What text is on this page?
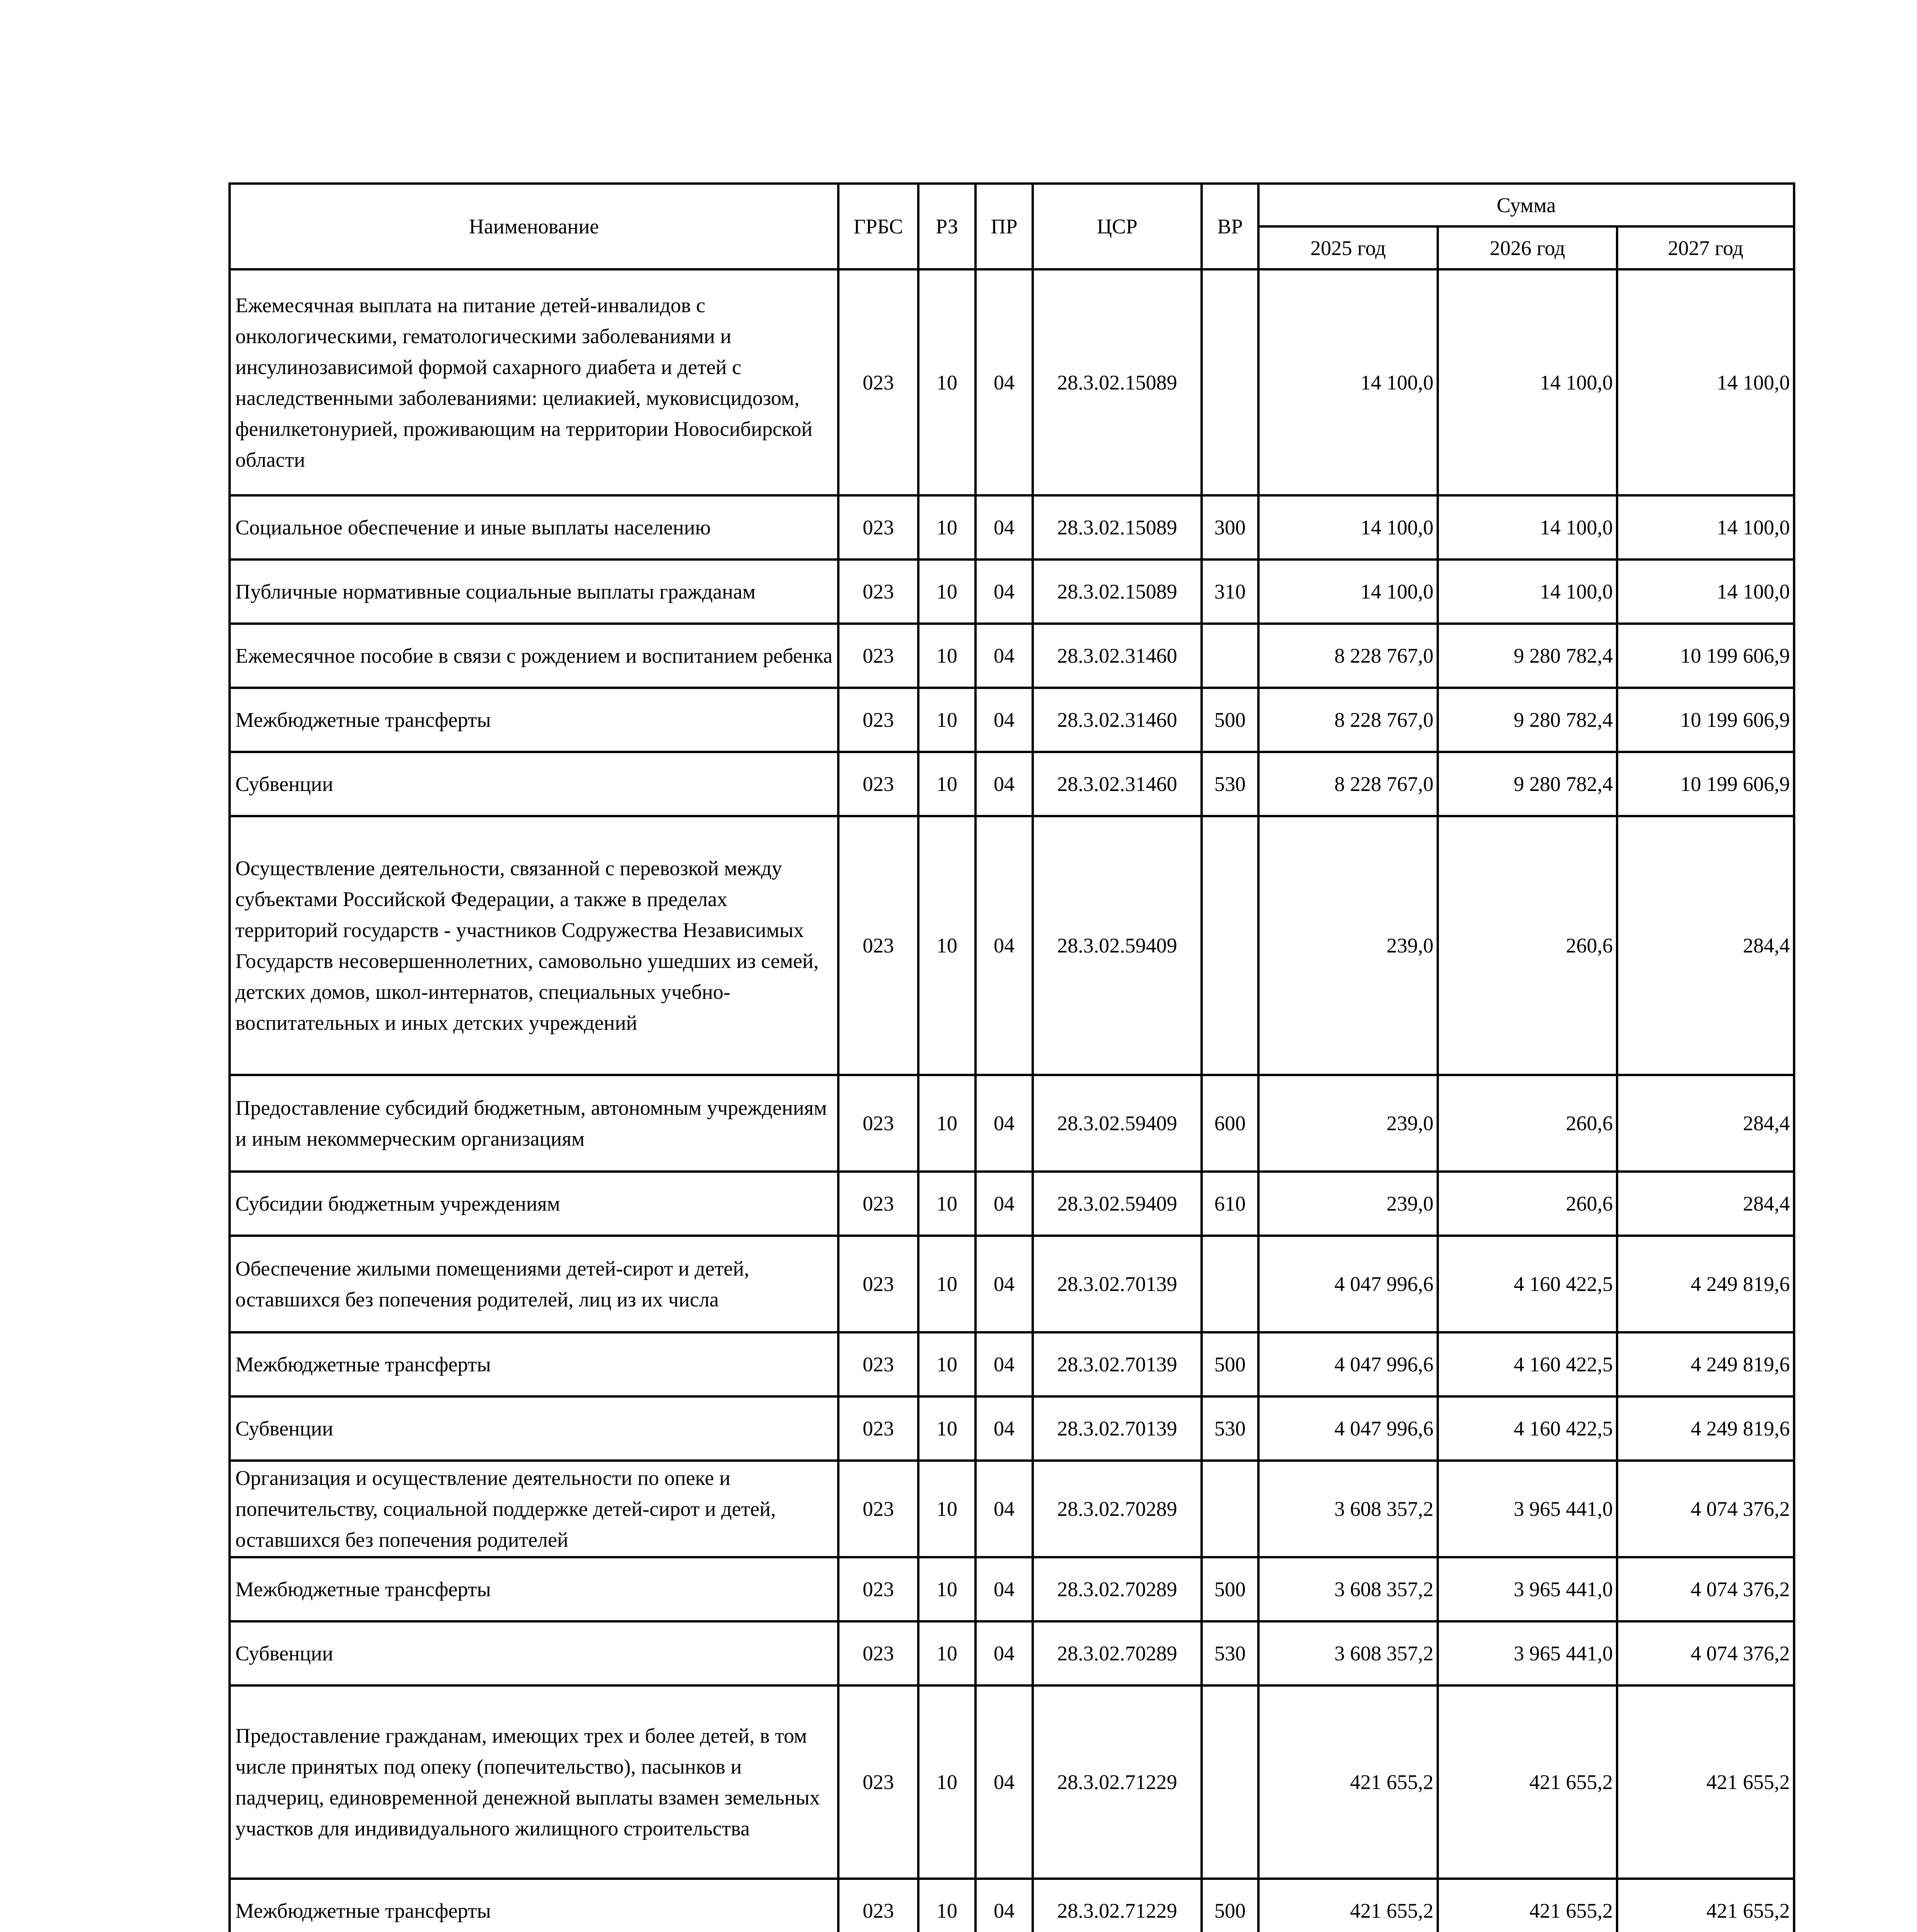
Наименование	ГРБС	РЗ	ПР	ЦСР	ВР	Сумма		
						2025 год	2026 год	2027 год
Ежемесячная выплата на питание детей-инвалидов с онкологическими, гематологическими заболеваниями и инсулинозависимой формой сахарного диабета и детей с наследственными заболеваниями: целиакией, муковисцидозом, фенилкетонурией, проживающим на территории Новосибирской области	023	10	04	28.3.02.15089		14 100,0	14 100,0	14 100,0
Социальное обеспечение и иные выплаты населению	023	10	04	28.3.02.15089	300	14 100,0	14 100,0	14 100,0
Публичные нормативные социальные выплаты гражданам	023	10	04	28.3.02.15089	310	14 100,0	14 100,0	14 100,0
Ежемесячное пособие в связи с рождением и воспитанием ребенка	023	10	04	28.3.02.31460		8 228 767,0	9 280 782,4	10 199 606,9
Межбюджетные трансферты	023	10	04	28.3.02.31460	500	8 228 767,0	9 280 782,4	10 199 606,9
Субвенции	023	10	04	28.3.02.31460	530	8 228 767,0	9 280 782,4	10 199 606,9
Осуществление деятельности, связанной с перевозкой между субъектами Российской Федерации, а также в пределах территорий государств - участников Содружества Независимых Государств несовершеннолетних, самовольно ушедших из семей, детских домов, школ-интернатов, специальных учебно-воспитательных и иных детских учреждений	023	10	04	28.3.02.59409		239,0	260,6	284,4
Предоставление субсидий бюджетным, автономным учреждениям и иным некоммерческим организациям	023	10	04	28.3.02.59409	600	239,0	260,6	284,4
Субсидии бюджетным учреждениям	023	10	04	28.3.02.59409	610	239,0	260,6	284,4
Обеспечение жилыми помещениями детей-сирот и детей, оставшихся без попечения родителей, лиц из их числа	023	10	04	28.3.02.70139		4 047 996,6	4 160 422,5	4 249 819,6
Межбюджетные трансферты	023	10	04	28.3.02.70139	500	4 047 996,6	4 160 422,5	4 249 819,6
Субвенции	023	10	04	28.3.02.70139	530	4 047 996,6	4 160 422,5	4 249 819,6
Организация и осуществление деятельности по опеке и попечительству, социальной поддержке детей-сирот и детей, оставшихся без попечения родителей	023	10	04	28.3.02.70289		3 608 357,2	3 965 441,0	4 074 376,2
Межбюджетные трансферты	023	10	04	28.3.02.70289	500	3 608 357,2	3 965 441,0	4 074 376,2
Субвенции	023	10	04	28.3.02.70289	530	3 608 357,2	3 965 441,0	4 074 376,2
Предоставление гражданам, имеющих трех и более детей, в том числе принятых под опеку (попечительство), пасынков и падчериц, единовременной денежной выплаты взамен земельных участков для индивидуального жилищного строительства	023	10	04	28.3.02.71229		421 655,2	421 655,2	421 655,2
Межбюджетные трансферты	023	10	04	28.3.02.71229	500	421 655,2	421 655,2	421 655,2
